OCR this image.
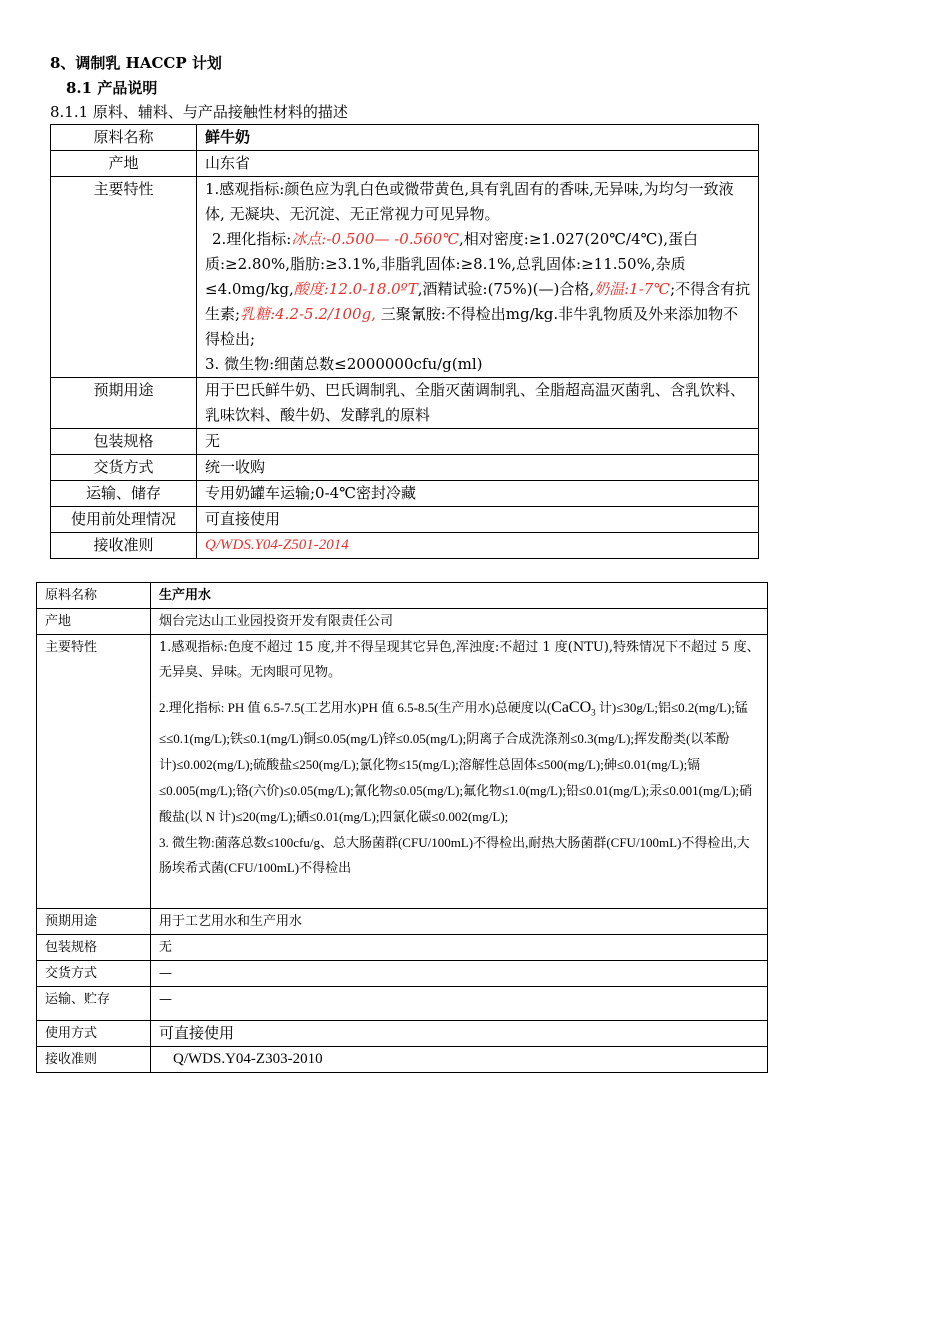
8、调制乳 HACCP 计划
8.1 产品说明
8.1.1 原料、辅料、与产品接触性材料的描述
原料名称	鲜牛奶
产地	山东省
主要特性	1.感观指标:颜色应为乳白色或微带黄色,具有乳固有的香味,无异味,为均匀一致液体, 无凝块、无沉淀、无正常视力可见异物。
2.理化指标:冰点:-0.500— -0.560℃,相对密度:≥1.027(20℃/4℃),蛋白质:≥2.80%,脂肪:≥3.1%,非脂乳固体:≥8.1%,总乳固体:≥11.50%,杂质≤4.0mg/kg,酸度:12.0-18.0ºT,酒精试验:(75%)(—)合格,奶温:1-7℃;不得含有抗生素;乳糖:4.2-5.2/100g, 三聚氰胺:不得检出mg/kg.非牛乳物质及外来添加物不得检出;
3. 微生物:细菌总数≤2000000cfu/g(ml)

预期用途	用于巴氏鲜牛奶、巴氏调制乳、全脂灭菌调制乳、全脂超高温灭菌乳、含乳饮料、乳味饮料、酸牛奶、发酵乳的原料
包装规格	无
交货方式	统一收购
运输、储存	专用奶罐车运输;0-4℃密封冷藏
使用前处理情况	可直接使用
接收准则	Q/WDS.Y04-Z501-2014
原料名称	生产用水
产地	烟台完达山工业园投资开发有限责任公司
主要特性	1.感观指标:色度不超过 15 度,并不得呈现其它异色,浑浊度:不超过 1 度(NTU),特殊情况下不超过 5 度、无异臭、异味。无肉眼可见物。
2.理化指标: PH 值 6.5-7.5(工艺用水)PH 值 6.5-8.5(生产用水)总硬度以(CaCO$_3$ 计)≤30g/L;铝≤0.2(mg/L);锰≤≤0.1(mg/L);铁≤0.1(mg/L)铜≤0.05(mg/L)锌≤0.05(mg/L);阴离子合成洗涤剂≤0.3(mg/L);挥发酚类(以苯酚计)≤0.002(mg/L);硫酸盐≤250(mg/L);氯化物≤15(mg/L);溶解性总固体≤500(mg/L);砷≤0.01(mg/L);镉≤0.005(mg/L);铬(六价)≤0.05(mg/L);氰化物≤0.05(mg/L);氟化物≤1.0(mg/L);铅≤0.01(mg/L);汞≤0.001(mg/L);硝酸盐(以 N 计)≤20(mg/L);硒≤0.01(mg/L);四氯化碳≤0.002(mg/L);
3. 微生物:菌落总数≤100cfu/g、总大肠菌群(CFU/100mL)不得检出,耐热大肠菌群(CFU/100mL)不得检出,大肠埃希式菌(CFU/100mL)不得检出

预期用途	用于工艺用水和生产用水
包装规格	无
交货方式	—
运输、贮存	—
使用方式	可直接使用
接收准则	Q/WDS.Y04-Z303-2010
